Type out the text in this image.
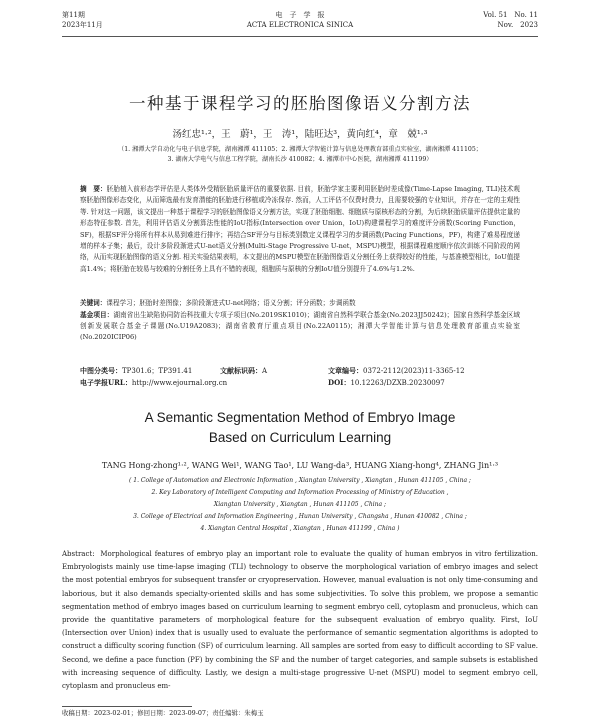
第11期
2023年11月
电　子　学　报
ACTA ELECTRONICA SINICA
Vol. 51　No. 11
Nov.　2023
一种基于课程学习的胚胎图像语义分割方法
汤红忠¹·²，王　蔚¹，王　涛¹，陆旺达³，黄向红⁴，章　兢¹·³
（1. 湘潭大学自动化与电子信息学院，湖南湘潭 411105；2. 湘潭大学智能计算与信息处理教育部重点实验室，湖南湘潭 411105；
3. 湖南大学电气与信息工程学院，湖南长沙 410082；4. 湘潭市中心医院，湖南湘潭 411199）
摘　要：胚胎植入前形态学评估是人类体外受精胚胎质量评估的重要依据. 目前，胚胎学家主要利用胚胎时差成像(Time-Lapse Imaging, TLI)技术观察胚胎图像形态变化，从而筛选最有发育潜能的胚胎进行移植或冷冻保存. 然而，人工评估不仅费时费力，且需要较强的专业知识，并存在一定的主观性等. 针对这一问题，该文提出一种基于课程学习的胚胎图像语义分割方法，实现了胚胎细胞、细胞质与原核形态的分割，为后续胚胎质量评估提供定量的形态特征参数. 首先，利用评估语义分割算法性能的IoU指标(Intersection over Union，IoU)构建课程学习的难度评分函数(Scoring Function，SF)，根据SF评分将所有样本从易到难进行排序；再结合SF评分与目标类别数定义课程学习的步调函数(Pacing Functions，PF)，构建了难易程度递增的样本子集；最后，设计多阶段渐进式U-net语义分割(Multi-Stage Progressive U-net，MSPU)模型，根据课程难度顺序依次训练不同阶段的网络，从而实现胚胎图像的语义分割. 相关实验结果表明，本文提出的MSPU模型在胚胎图像语义分割任务上获得较好的性能，与基准模型相比，IoU值提高1.4%；将胚胎在较易与较难的分割任务上具有不错的表现，细胞质与原核的分割IoU值分别提升了4.6%与1.2%.
关键词：课程学习；胚胎时差图像；多阶段渐进式U-net网络；语义分割；评分函数；步调函数
基金项目：湖南省出生缺陷协同防治科技重大专项子项目(No.2019SK1010)；湖南省自然科学联合基金(No.2023JJ50242)；国家自然科学基金区域创新发展联合基金子课题(No.U19A2083)；湖南省教育厅重点项目(No.22A0115)；湘潭大学智能计算与信息处理教育部重点实验室(No.2020ICIP06)
中图分类号：TP301.6；TP391.41	文献标识码：A	文章编号：0372-2112(2023)11-3365-12
电子学报URL：http://www.ejournal.org.cn	DOI：10.12263/DZXB.20230097
A Semantic Segmentation Method of Embryo Image
Based on Curriculum Learning
TANG Hong-zhong¹·², WANG Wei¹, WANG Tao¹, LU Wang-da³, HUANG Xiang-hong⁴, ZHANG Jin¹·³
( 1. College of Automation and Electronic Information , Xiangtan University , Xiangtan , Hunan 411105 , China ;
2. Key Laboratory of Intelligent Computing and Information Processing of Ministry of Education ,
Xiangtan University , Xiangtan , Hunan 411105 , China ;
3. College of Electrical and Information Engineering , Hunan University , Changsha , Hunan 410082 , China ;
4. Xiangtan Central Hospital , Xiangtan , Hunan 411199 , China )
Abstract: Morphological features of embryo play an important role to evaluate the quality of human embryos in vitro fertilization. Embryologists mainly use time-lapse imaging (TLI) technology to observe the morphological variation of embryo images and select the most potential embryos for subsequent transfer or cryopreservation. However, manual evaluation is not only time-consuming and laborious, but it also demands specialty-oriented skills and has some subjectivities. To solve this problem, we propose a semantic segmentation method of embryo images based on curriculum learning to segment embryo cell, cytoplasm and pronucleus, which can provide the quantitative parameters of morphological feature for the subsequent evaluation of embryo quality. First, IoU (Intersection over Union) index that is usually used to evaluate the performance of semantic segmentation algorithms is adopted to construct a difficulty scoring function (SF) of curriculum learning. All samples are sorted from easy to difficult according to SF value. Second, we define a pace function (PF) by combining the SF and the number of target categories, and sample subsets is established with increasing sequence of difficulty. Lastly, we design a multi-stage progressive U-net (MSPU) model to segment embryo cell, cytoplasm and pronucleus em-
收稿日期：2023-02-01；修回日期：2023-09-07；责任编辑：朱梅玉
